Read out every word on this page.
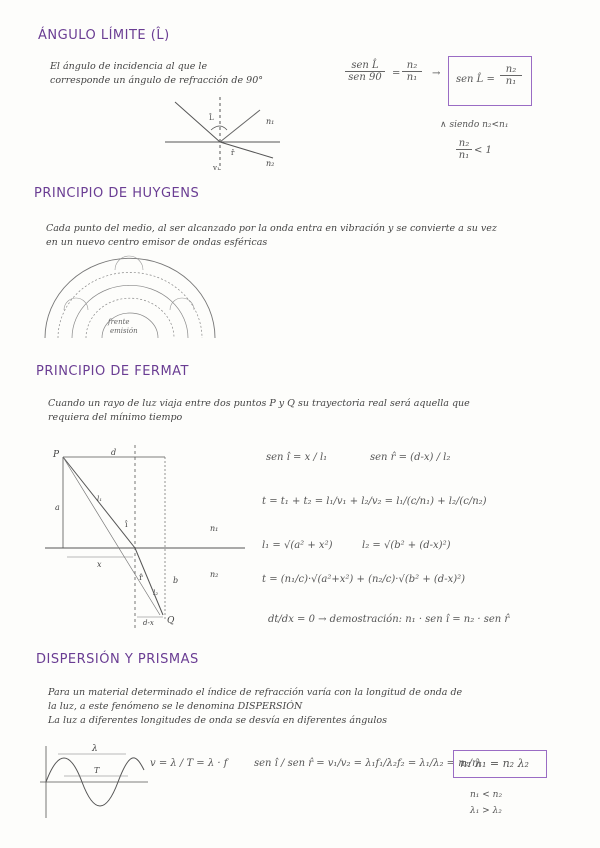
ÁNGULO LÍMITE (L̂)
El ángulo de incidencia al que le
corresponde un ángulo de refracción de 90°
n₁
n₂
L̂
r̂
v₁
sen L̂
sen 90	= $\frac{\text{n₂}}{\text{n₁}}$ →
sen L̂ = $\frac{\text{n₂}}{\text{n₁}}$
∧ siendo n₂<n₁
$\frac{\text{n₂}}{\text{n₁}} < 1$
PRINCIPIO DE HUYGENS
Cada punto del medio, al ser alcanzado por la onda entra en vibración y se convierte a su vez
en un nuevo centro emisor de ondas esféricas
frente
emisión
PRINCIPIO DE FERMAT
Cuando un rayo de luz viaja entre dos puntos P y Q su trayectoria real será aquella que
requiera del mínimo tiempo
P
Q
d
x
a
b
d-x
î
r̂
n₁
n₂
l₁
l₂
sen î = x / l₁	sen r̂ = (d-x) / l₂
t = t₁ + t₂ = l₁/v₁ + l₂/v₂ = l₁/(c/n₁) + l₂/(c/n₂)
l₁ = √(a² + x²)	l₂ = √(b² + (d-x)²)
t = (n₁/c)·√(a²+x²) + (n₂/c)·√(b² + (d-x)²)
dt/dx = 0 → demostración: n₁ · sen î = n₂ · sen r̂
DISPERSIÓN Y PRISMAS
Para un material determinado el índice de refracción varía con la longitud de onda de
la luz, a este fenómeno se le denomina DISPERSIÓN
La luz a diferentes longitudes de onda se desvía en diferentes ángulos
λ
T
v = λ / T = λ · f	sen î / sen r̂ = v₁/v₂ = λ₁f₁/λ₂f₂ = λ₁/λ₂ = n₂/n₁
n₁ λ₁ = n₂ λ₂
n₁ < n₂
λ₁ > λ₂
